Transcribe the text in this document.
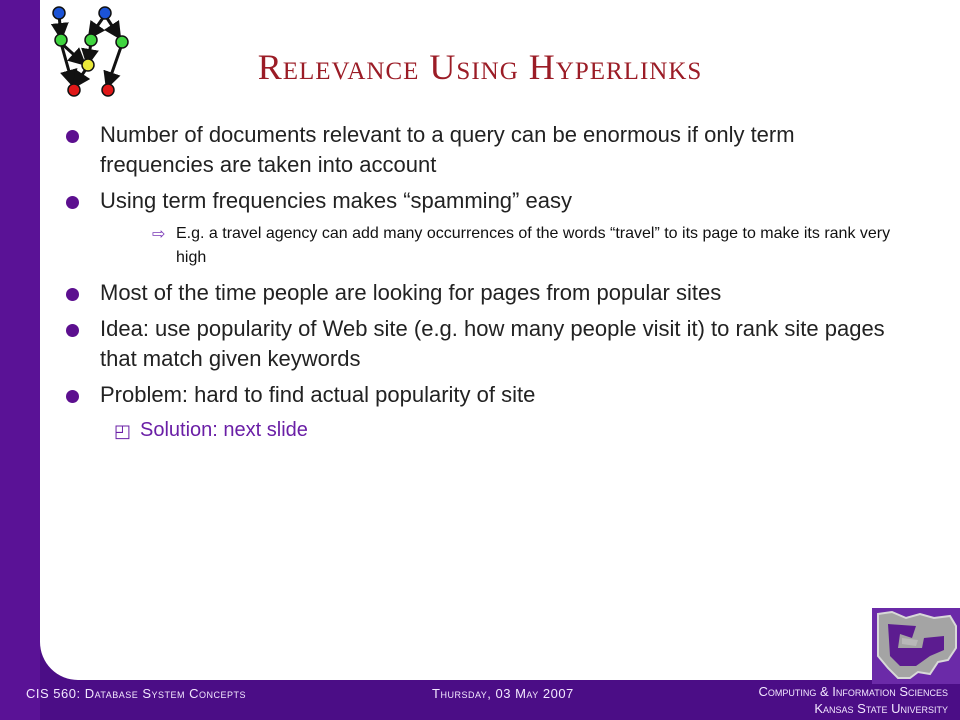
Relevance Using Hyperlinks
Number of documents relevant to a query can be enormous if only term frequencies are taken into account
Using term frequencies makes “spamming” easy
⇨ E.g. a travel agency can add many occurrences of the words “travel” to its page to make its rank very high
Most of the time people are looking for pages from popular sites
Idea: use popularity of Web site (e.g. how many people visit it) to rank site pages that match given keywords
Problem: hard to find actual popularity of site
◰ Solution: next slide
CIS 560: Database System Concepts	Thursday, 03 May 2007	Computing & Information Sciences
Kansas State University
